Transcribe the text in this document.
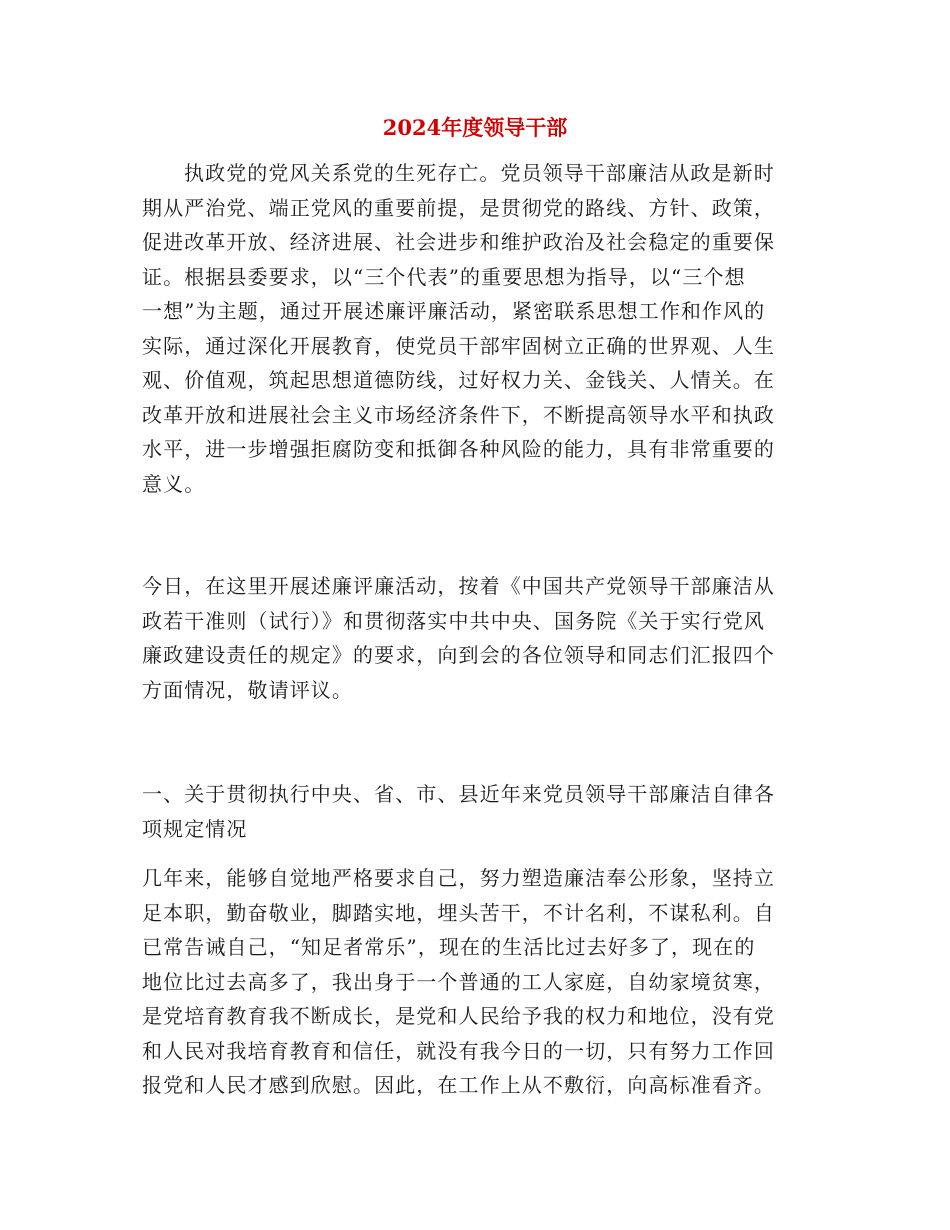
2024年度领导干部
执政党的党风关系党的生死存亡。党员领导干部廉洁从政是新时
期从严治党、端正党风的重要前提，是贯彻党的路线、方针、政策，
促进改革开放、经济进展、社会进步和维护政治及社会稳定的重要保
证。根据县委要求，以“三个代表”的重要思想为指导，以“三个想
一想”为主题，通过开展述廉评廉活动，紧密联系思想工作和作风的
实际，通过深化开展教育，使党员干部牢固树立正确的世界观、人生
观、价值观，筑起思想道德防线，过好权力关、金钱关、人情关。在
改革开放和进展社会主义市场经济条件下，不断提高领导水平和执政
水平，进一步增强拒腐防变和抵御各种风险的能力，具有非常重要的
意义。
今日，在这里开展述廉评廉活动，按着《中国共产党领导干部廉洁从
政若干准则（试行）》和贯彻落实中共中央、国务院《关于实行党风
廉政建设责任的规定》的要求，向到会的各位领导和同志们汇报四个
方面情况，敬请评议。
一、关于贯彻执行中央、省、市、县近年来党员领导干部廉洁自律各
项规定情况
几年来，能够自觉地严格要求自己，努力塑造廉洁奉公形象，坚持立
足本职，勤奋敬业，脚踏实地，埋头苦干，不计名利，不谋私利。自
已常告诫自己，“知足者常乐”，现在的生活比过去好多了，现在的
地位比过去高多了，我出身于一个普通的工人家庭，自幼家境贫寒，
是党培育教育我不断成长，是党和人民给予我的权力和地位，没有党
和人民对我培育教育和信任，就没有我今日的一切，只有努力工作回
报党和人民才感到欣慰。因此，在工作上从不敷衍，向高标准看齐。
